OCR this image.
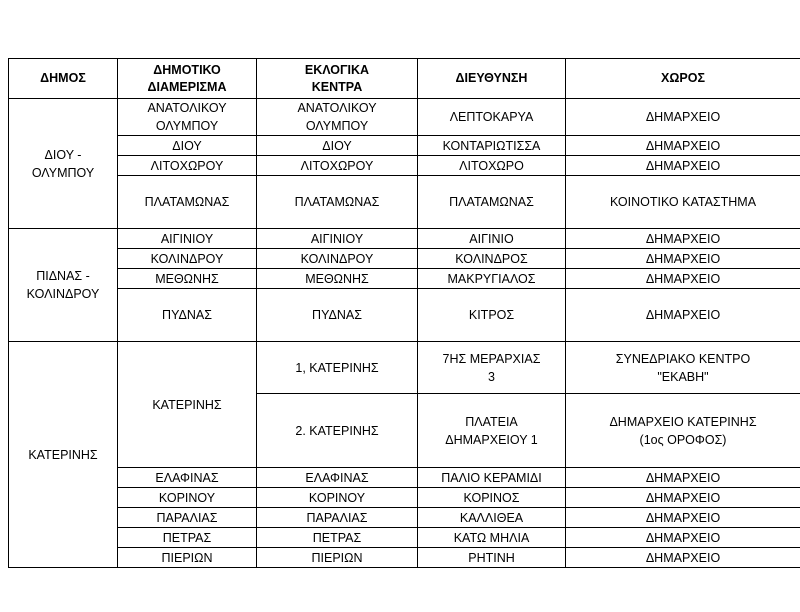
ΔΗΜΟΣ	ΔΗΜΟΤΙΚΟ
ΔΙΑΜΕΡΙΣΜΑ	ΕΚΛΟΓΙΚΑ
ΚΕΝΤΡΑ	ΔΙΕΥΘΥΝΣΗ	ΧΩΡΟΣ
ΔΙΟΥ -
ΟΛΥΜΠΟΥ	ΑΝΑΤΟΛΙΚΟΥ
ΟΛΥΜΠΟΥ	ΑΝΑΤΟΛΙΚΟΥ
ΟΛΥΜΠΟΥ	ΛΕΠΤΟΚΑΡΥΑ	ΔΗΜΑΡΧΕΙΟ
	ΔΙΟΥ	ΔΙΟΥ	ΚΟΝΤΑΡΙΩΤΙΣΣΑ	ΔΗΜΑΡΧΕΙΟ
	ΛΙΤΟΧΩΡΟΥ	ΛΙΤΟΧΩΡΟΥ	ΛΙΤΟΧΩΡΟ	ΔΗΜΑΡΧΕΙΟ
	ΠΛΑΤΑΜΩΝΑΣ	ΠΛΑΤΑΜΩΝΑΣ	ΠΛΑΤΑΜΩΝΑΣ	ΚΟΙΝΟΤΙΚΟ ΚΑΤΑΣΤΗΜΑ
ΠΙΔΝΑΣ -
ΚΟΛΙΝΔΡΟΥ	ΑΙΓΙΝΙΟΥ	ΑΙΓΙΝΙΟΥ	ΑΙΓΙΝΙΟ	ΔΗΜΑΡΧΕΙΟ
	ΚΟΛΙΝΔΡΟΥ	ΚΟΛΙΝΔΡΟΥ	ΚΟΛΙΝΔΡΟΣ	ΔΗΜΑΡΧΕΙΟ
	ΜΕΘΩΝΗΣ	ΜΕΘΩΝΗΣ	ΜΑΚΡΥΓΙΑΛΟΣ	ΔΗΜΑΡΧΕΙΟ
	ΠΥΔΝΑΣ	ΠΥΔΝΑΣ	ΚΙΤΡΟΣ	ΔΗΜΑΡΧΕΙΟ
ΚΑΤΕΡΙΝΗΣ	ΚΑΤΕΡΙΝΗΣ	1, ΚΑΤΕΡΙΝΗΣ	7ΗΣ ΜΕΡΑΡΧΙΑΣ
3	ΣΥΝΕΔΡΙΑΚΟ ΚΕΝΤΡΟ
"ΕΚΑΒΗ"
		2. ΚΑΤΕΡΙΝΗΣ	ΠΛΑΤΕΙΑ
ΔΗΜΑΡΧΕΙΟΥ 1	ΔΗΜΑΡΧΕΙΟ ΚΑΤΕΡΙΝΗΣ
(1ος ΟΡΟΦΟΣ)
	ΕΛΑΦΙΝΑΣ	ΕΛΑΦΙΝΑΣ	ΠΑΛΙΟ ΚΕΡΑΜΙΔΙ	ΔΗΜΑΡΧΕΙΟ
	ΚΟΡΙΝΟΥ	ΚΟΡΙΝΟΥ	ΚΟΡΙΝΟΣ	ΔΗΜΑΡΧΕΙΟ
	ΠΑΡΑΛΙΑΣ	ΠΑΡΑΛΙΑΣ	ΚΑΛΛΙΘΕΑ	ΔΗΜΑΡΧΕΙΟ
	ΠΕΤΡΑΣ	ΠΕΤΡΑΣ	ΚΑΤΩ ΜΗΛΙΑ	ΔΗΜΑΡΧΕΙΟ
	ΠΙΕΡΙΩΝ	ΠΙΕΡΙΩΝ	ΡΗΤΙΝΗ	ΔΗΜΑΡΧΕΙΟ
